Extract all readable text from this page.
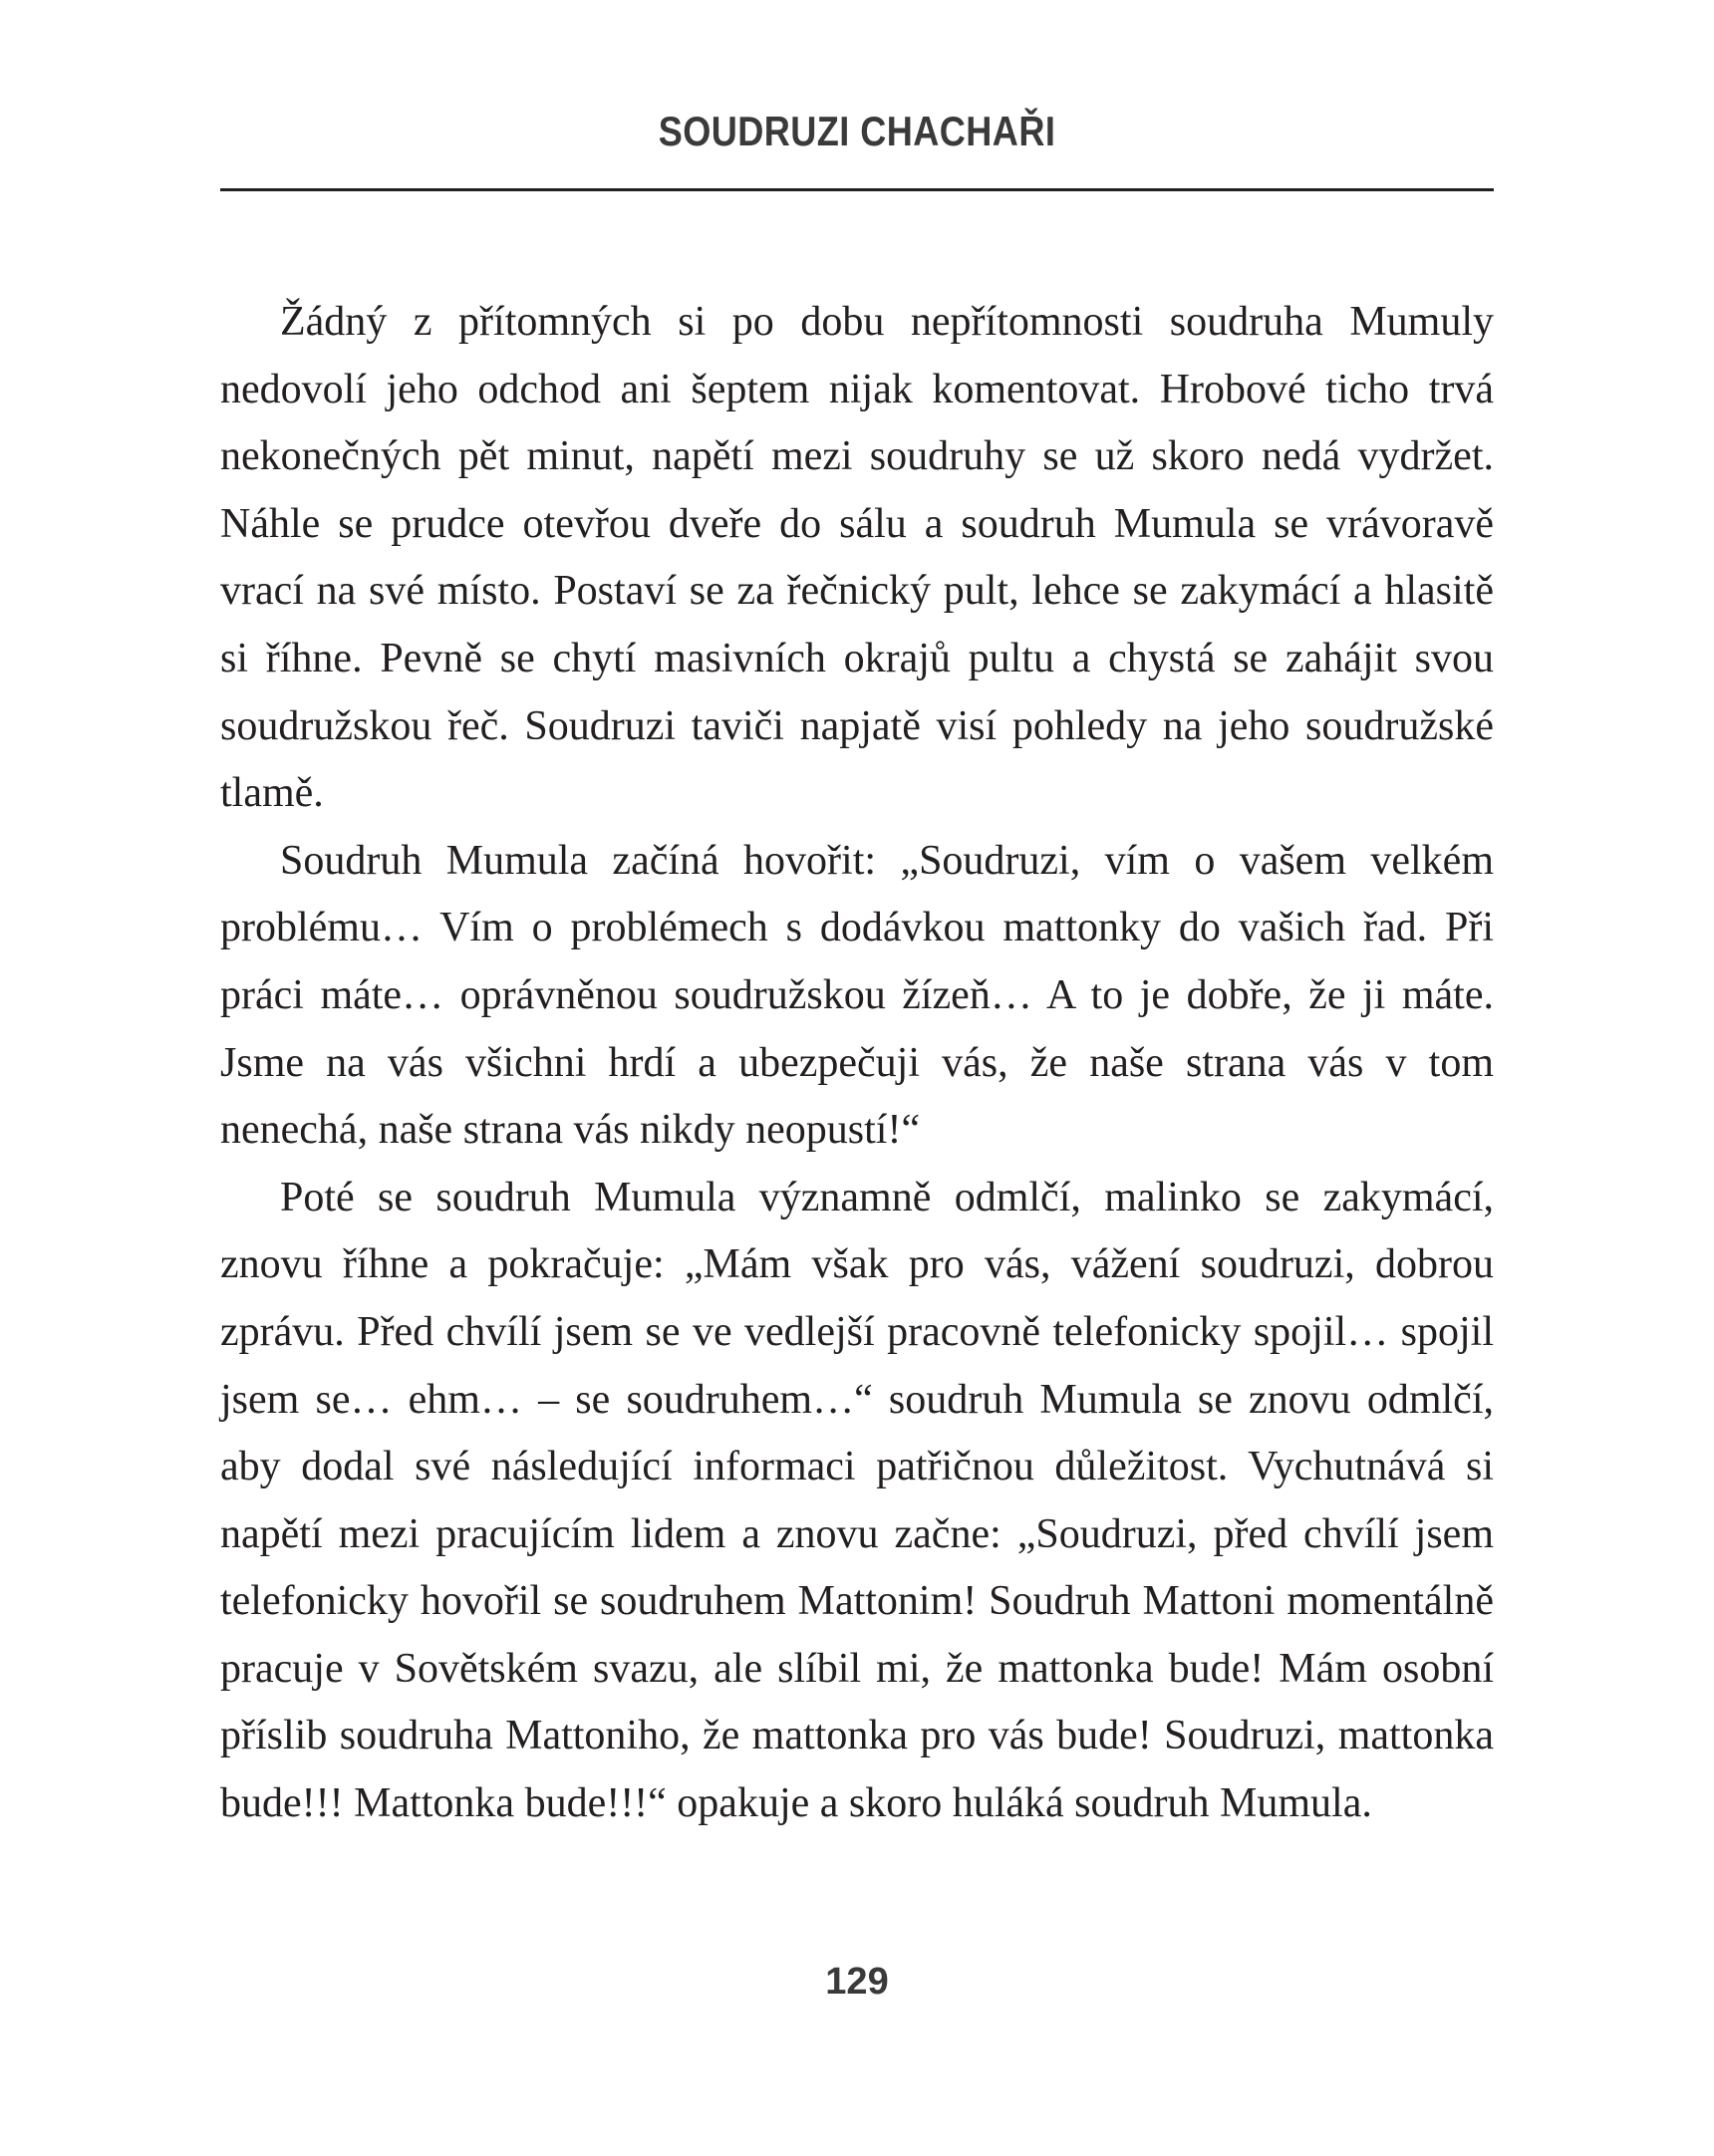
SOUDRUZI CHACHAŘI

Žádný z přítomných si po dobu nepřítomnosti soudruha Mumuly nedovolí jeho odchod ani šeptem nijak komentovat. Hrobové ticho trvá nekonečných pět minut, napětí mezi soudruhy se už skoro nedá vydržet. Náhle se prudce otevřou dveře do sálu a soudruh Mumula se vrávoravě vrací na své místo. Postaví se za řečnický pult, lehce se zakymácí a hlasitě si říhne. Pevně se chytí masivních okrajů pultu a chystá se zahájit svou soudružskou řeč. Soudruzi taviči napjatě visí pohledy na jeho soudružské tlamě.

Soudruh Mumula začíná hovořit: „Soudruzi, vím o vašem velkém problému… Vím o problémech s dodávkou mattonky do vašich řad. Při práci máte… oprávněnou soudružskou žízeň… A to je dobře, že ji máte. Jsme na vás všichni hrdí a ubezpečuji vás, že naše strana vás v tom nenechá, naše strana vás nikdy neopustí!“

Poté se soudruh Mumula významně odmlčí, malinko se zakymácí, znovu říhne a pokračuje: „Mám však pro vás, vážení soudruzi, dobrou zprávu. Před chvílí jsem se ve vedlejší pracovně telefonicky spojil… spojil jsem se… ehm… – se soudruhem…“ soudruh Mumula se znovu odmlčí, aby dodal své následující informaci patřičnou důležitost. Vychutnává si napětí mezi pracujícím lidem a znovu začne: „Soudruzi, před chvílí jsem telefonicky hovořil se soudruhem Mattonim! Soudruh Mattoni momentálně pracuje v Sovětském svazu, ale slíbil mi, že mattonka bude! Mám osobní příslib soudruha Mattoniho, že mattonka pro vás bude! Soudruzi, mattonka bude!!! Mattonka bude!!!“ opakuje a skoro huláká soudruh Mumula.

129
